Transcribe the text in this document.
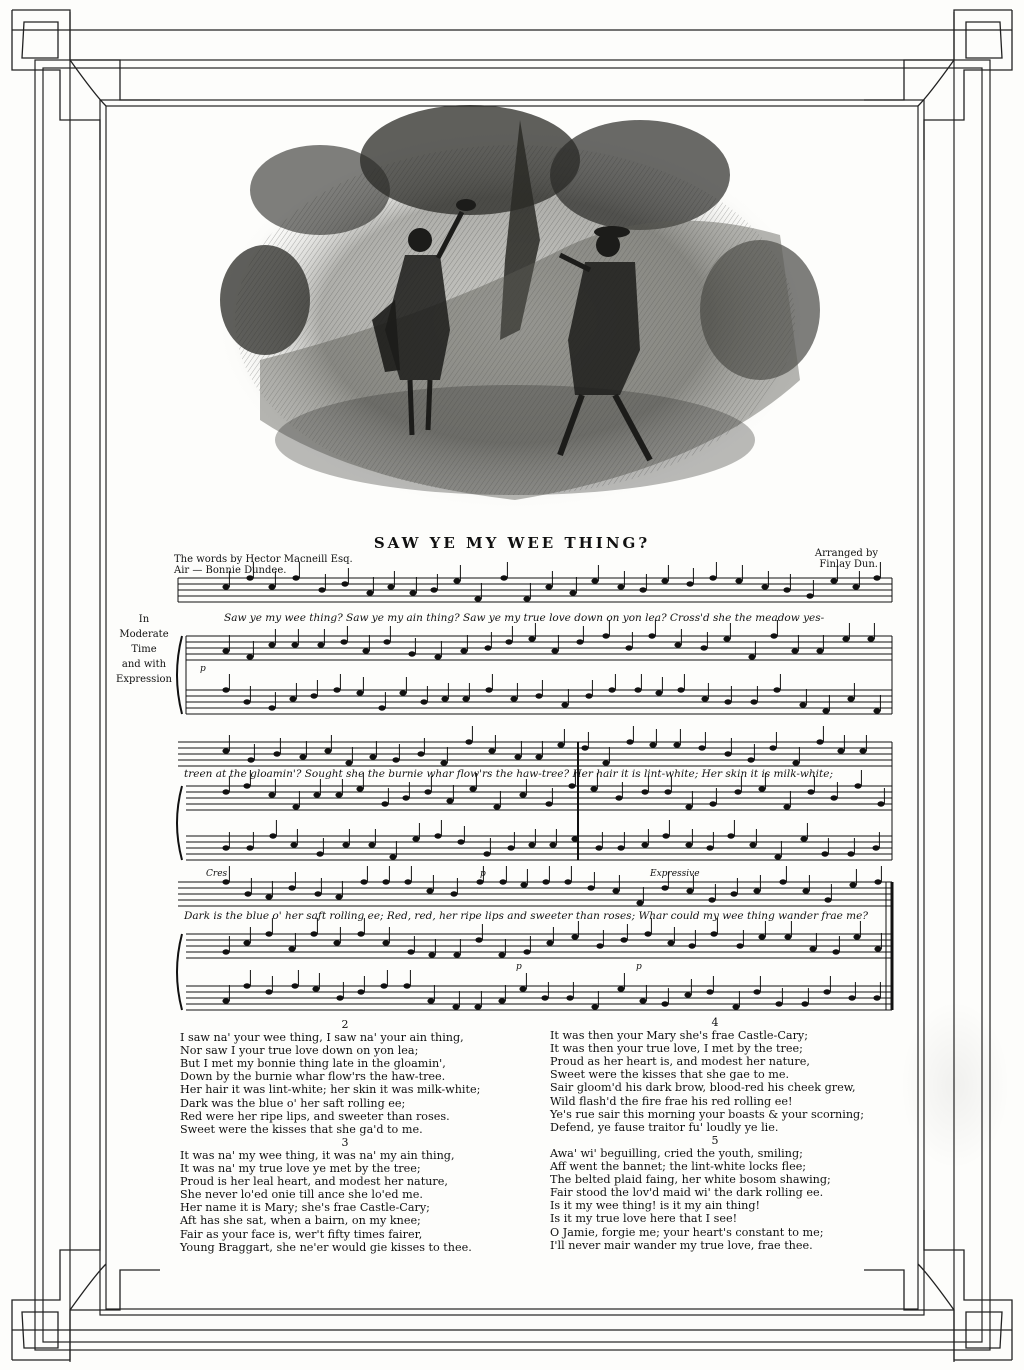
SAW YE MY WEE THING?
The words by Hector Macneill Esq.
Air — Bonnie Dundee.
Arranged by
Finlay Dun.
In
Moderate
Time
and with
Expression
Saw ye my wee thing? Saw ye my ain thing? Saw ye my true love down on yon lea? Cross'd she the meadow yes-
treen at the gloamin'? Sought she the burnie whar flow'rs the haw-tree? Her hair it is lint-white; Her skin it is milk-white;
Dark is the blue o' her saft rolling ee; Red, red, her ripe lips and sweeter than roses; Whar could my wee thing wander frae me?
p
Cres	p	Expressive
p	p
2
I saw na' your wee thing, I saw na' your ain thing,
Nor saw I your true love down on yon lea;
But I met my bonnie thing late in the gloamin',
Down by the burnie whar flow'rs the haw-tree.
Her hair it was lint-white; her skin it was milk-white;
Dark was the blue o' her saft rolling ee;
Red were her ripe lips, and sweeter than roses.
Sweet were the kisses that she ga'd to me.
3
It was na' my wee thing, it was na' my ain thing,
It was na' my true love ye met by the tree;
Proud is her leal heart, and modest her nature,
She never lo'ed onie till ance she lo'ed me.
Her name it is Mary; she's frae Castle-Cary;
Aft has she sat, when a bairn, on my knee;
Fair as your face is, wer't fifty times fairer,
Young Braggart, she ne'er would gie kisses to thee.
4
It was then your Mary she's frae Castle-Cary;
It was then your true love, I met by the tree;
Proud as her heart is, and modest her nature,
Sweet were the kisses that she gae to me.
Sair gloom'd his dark brow, blood-red his cheek grew,
Wild flash'd the fire frae his red rolling ee!
Ye's rue sair this morning your boasts & your scorning;
Defend, ye fause traitor fu' loudly ye lie.
5
Awa' wi' beguilling, cried the youth, smiling;
Aff went the bannet; the lint-white locks flee;
The belted plaid faing, her white bosom shawing;
Fair stood the lov'd maid wi' the dark rolling ee.
Is it my wee thing! is it my ain thing!
Is it my true love here that I see!
O Jamie, forgie me; your heart's constant to me;
I'll never mair wander my true love, frae thee.
